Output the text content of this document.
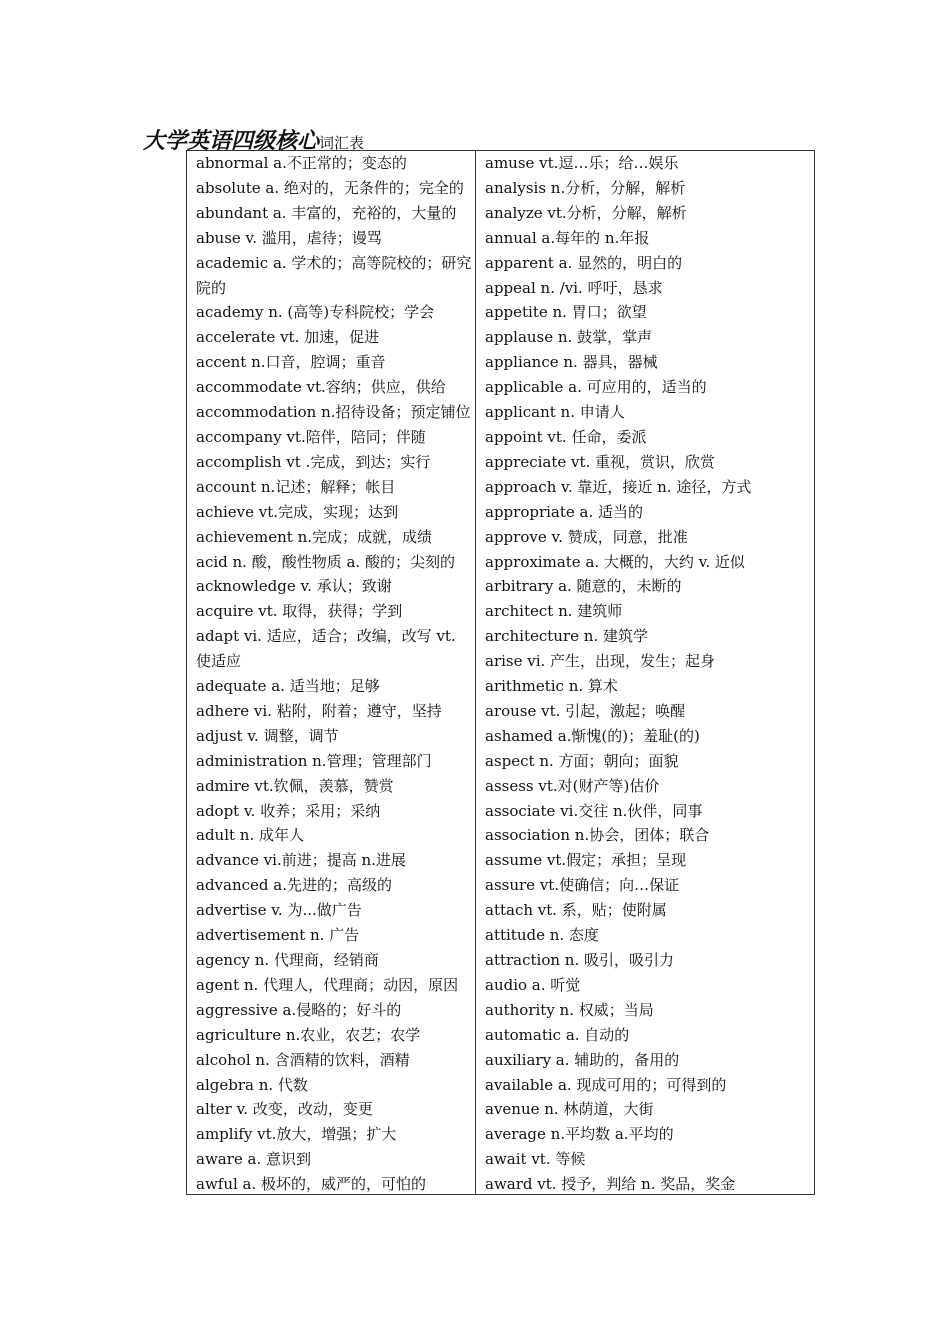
大学英语四级核心词汇表

abnormal a.不正常的；变态的

absolute a. 绝对的，无条件的；完全的

abundant a. 丰富的，充裕的，大量的

abuse v. 滥用，虐待；谩骂

academic a. 学术的；高等院校的；研究院的

academy n. (高等)专科院校；学会

accelerate vt. 加速，促进

accent n.口音，腔调；重音

accommodate vt.容纳；供应，供给

accommodation n.招待设备；预定铺位

accompany vt.陪伴，陪同；伴随

accomplish vt .完成，到达；实行

account n.记述；解释；帐目

achieve vt.完成，实现；达到

achievement n.完成；成就，成绩

acid n. 酸，酸性物质 a. 酸的；尖刻的

acknowledge v. 承认；致谢

acquire vt. 取得，获得；学到

adapt vi. 适应，适合；改编，改写 vt. 使适应

adequate a. 适当地；足够

adhere vi. 粘附，附着；遵守，坚持

adjust v. 调整，调节

administration n.管理；管理部门

admire vt.钦佩，羡慕，赞赏

adopt v. 收养；采用；采纳

adult n. 成年人

advance vi.前进；提高 n.进展

advanced a.先进的；高级的

advertise v. 为...做广告

advertisement n. 广告

agency n. 代理商，经销商

agent n. 代理人，代理商；动因，原因

aggressive a.侵略的；好斗的

agriculture n.农业，农艺；农学

alcohol n. 含酒精的饮料，酒精

algebra n. 代数

alter v. 改变，改动，变更

amplify vt.放大，增强；扩大

aware a. 意识到

awful a. 极坏的，威严的，可怕的

amuse vt.逗…乐；给…娱乐

analysis n.分析，分解，解析

analyze vt.分析，分解，解析

annual a.每年的 n.年报

apparent a. 显然的，明白的

appeal n. /vi. 呼吁，恳求

appetite n. 胃口；欲望

applause n. 鼓掌，掌声

appliance n. 器具，器械

applicable a. 可应用的，适当的

applicant n. 申请人

appoint vt. 任命，委派

appreciate vt. 重视，赏识，欣赏

approach v. 靠近，接近 n. 途径，方式

appropriate a. 适当的

approve v. 赞成，同意，批准

approximate a. 大概的，大约 v. 近似

arbitrary a. 随意的，未断的

architect n. 建筑师

architecture n. 建筑学

arise vi. 产生，出现，发生；起身

arithmetic n. 算术

arouse vt. 引起，激起；唤醒

ashamed a.惭愧(的)；羞耻(的)

aspect n. 方面；朝向；面貌

assess vt.对(财产等)估价

associate vi.交往 n.伙伴，同事

association n.协会，团体；联合

assume vt.假定；承担；呈现

assure vt.使确信；向…保证

attach vt. 系，贴；使附属

attitude n. 态度

attraction n. 吸引，吸引力

audio a. 听觉

authority n. 权威；当局

automatic a. 自动的

auxiliary a. 辅助的，备用的

available a. 现成可用的；可得到的

avenue n. 林荫道，大街

average n.平均数 a.平均的

await vt. 等候

award vt. 授予，判给 n. 奖品，奖金
